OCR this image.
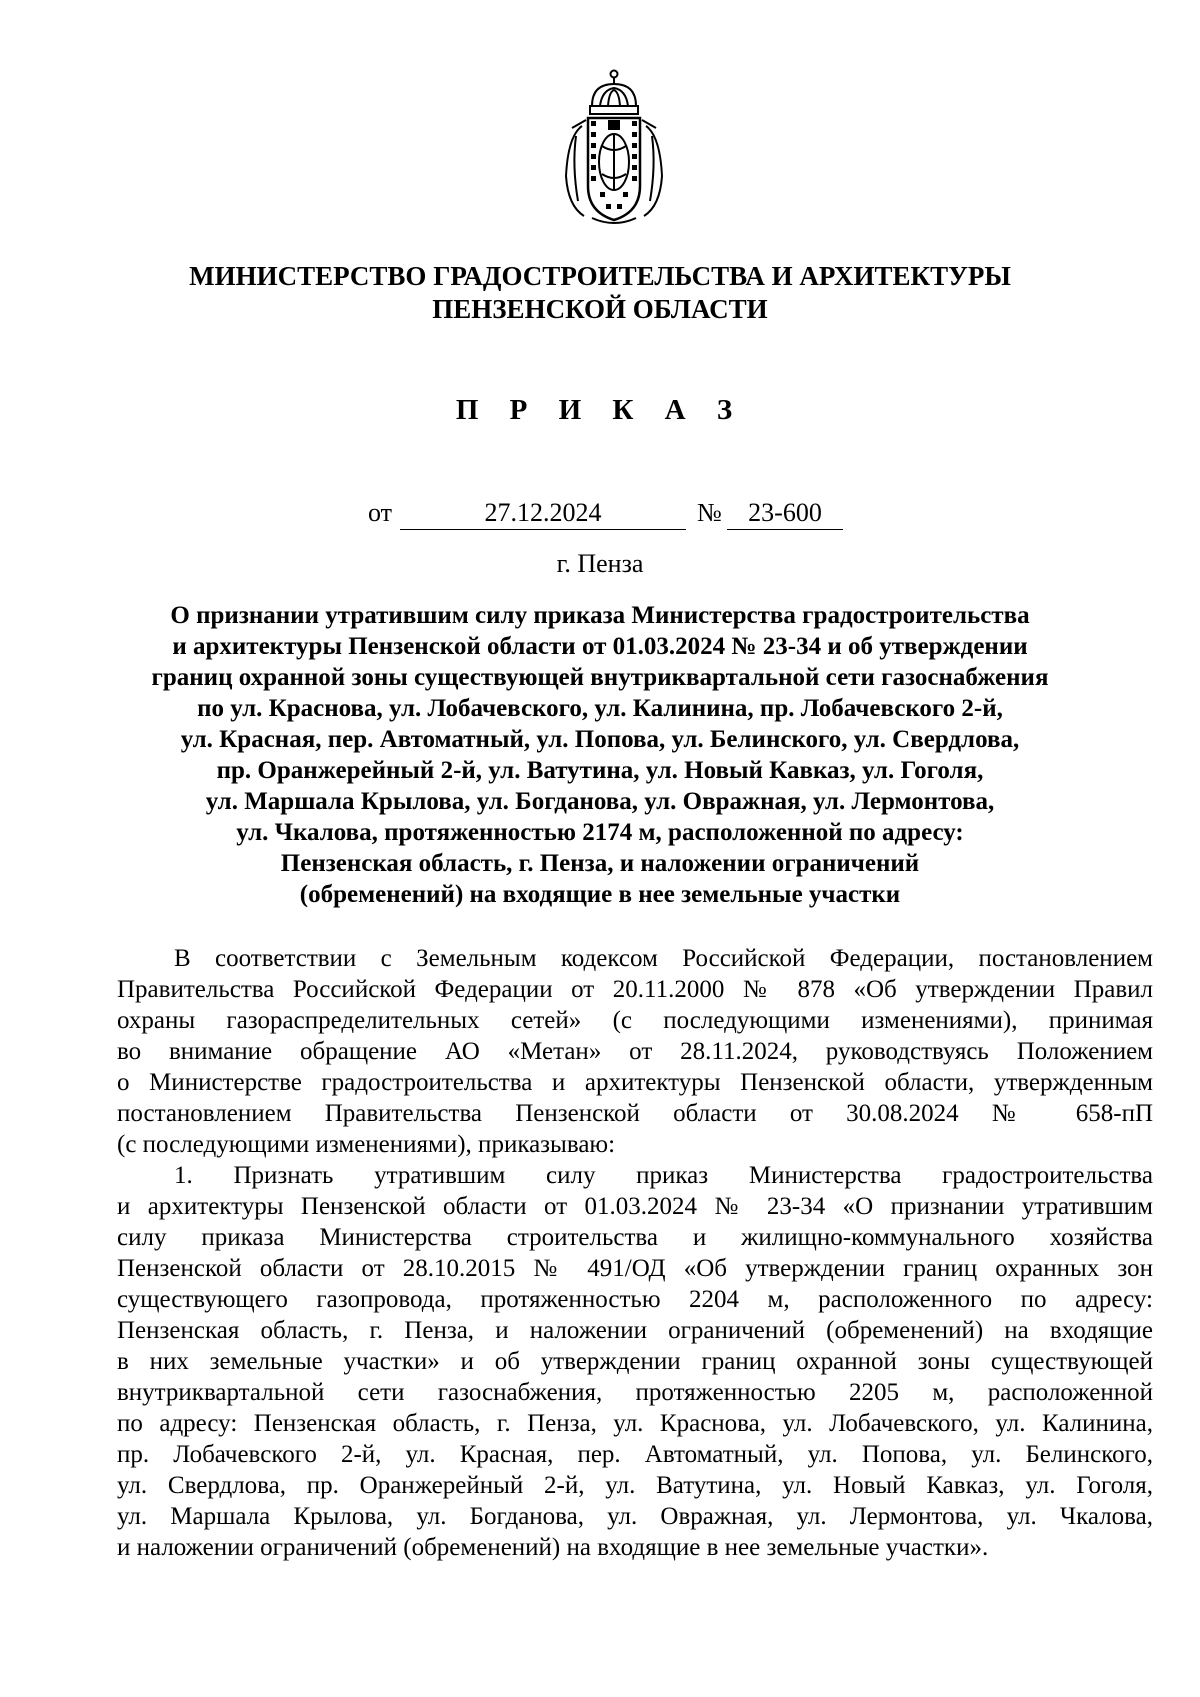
МИНИСТЕРСТВО ГРАДОСТРОИТЕЛЬСТВА И АРХИТЕКТУРЫ
ПЕНЗЕНСКОЙ ОБЛАСТИ
П Р И К А З
от	27.12.2024	№	23-600
г. Пенза
О признании утратившим силу приказа Министерства градостроительства
и архитектуры Пензенской области от 01.03.2024 № 23-34 и об утверждении
границ охранной зоны существующей внутриквартальной сети газоснабжения
по ул. Краснова, ул. Лобачевского, ул. Калинина, пр. Лобачевского 2-й,
ул. Красная, пер. Автоматный, ул. Попова, ул. Белинского, ул. Свердлова,
пр. Оранжерейный 2-й, ул. Ватутина, ул. Новый Кавказ, ул. Гоголя,
ул. Маршала Крылова, ул. Богданова, ул. Овражная, ул. Лермонтова,
ул. Чкалова, протяженностью 2174 м, расположенной по адресу:
Пензенская область, г. Пенза, и наложении ограничений
(обременений) на входящие в нее земельные участки
В соответствии с Земельным кодексом Российской Федерации, постановлением
Правительства Российской Федерации от 20.11.2000 № 878 «Об утверждении Правил
охраны газораспределительных сетей» (с последующими изменениями), принимая
во внимание обращение АО «Метан» от 28.11.2024, руководствуясь Положением
о Министерстве градостроительства и архитектуры Пензенской области, утвержденным
постановлением Правительства Пензенской области от 30.08.2024 № 658-пП
(с последующими изменениями), приказываю:
1. Признать утратившим силу приказ Министерства градостроительства
и архитектуры Пензенской области от 01.03.2024 № 23-34 «О признании утратившим
силу приказа Министерства строительства и жилищно-коммунального хозяйства
Пензенской области от 28.10.2015 № 491/ОД «Об утверждении границ охранных зон
существующего газопровода, протяженностью 2204 м, расположенного по адресу:
Пензенская область, г. Пенза, и наложении ограничений (обременений) на входящие
в них земельные участки» и об утверждении границ охранной зоны существующей
внутриквартальной сети газоснабжения, протяженностью 2205 м, расположенной
по адресу: Пензенская область, г. Пенза, ул. Краснова, ул. Лобачевского, ул. Калинина,
пр. Лобачевского 2-й, ул. Красная, пер. Автоматный, ул. Попова, ул. Белинского,
ул. Свердлова, пр. Оранжерейный 2-й, ул. Ватутина, ул. Новый Кавказ, ул. Гоголя,
ул. Маршала Крылова, ул. Богданова, ул. Овражная, ул. Лермонтова, ул. Чкалова,
и наложении ограничений (обременений) на входящие в нее земельные участки».
